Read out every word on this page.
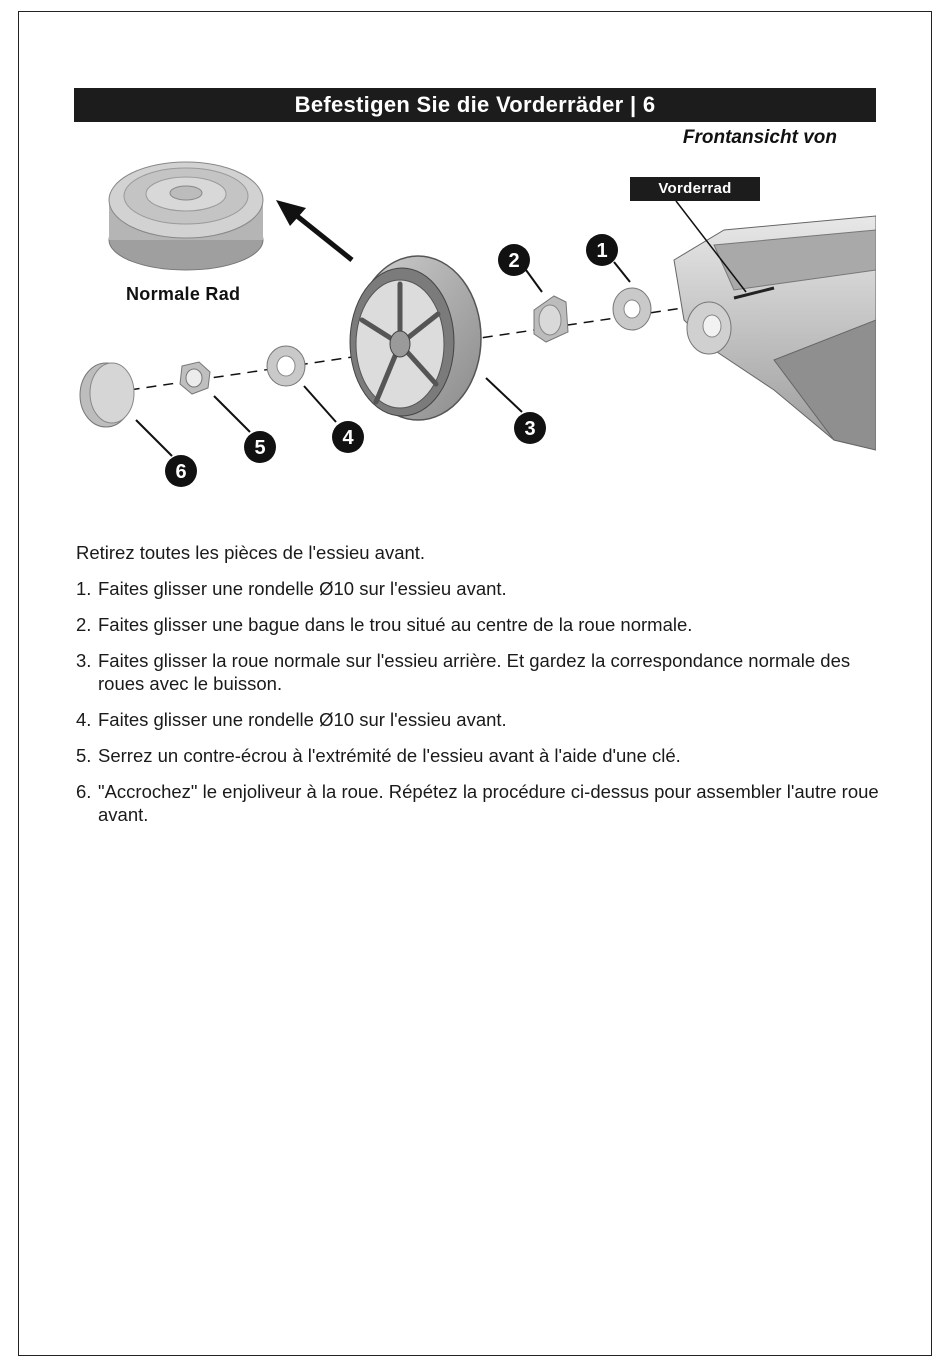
Befestigen Sie die Vorderräder | 6
Frontansicht von
1
2
3
4
5
6
Vorderrad
Normale Rad

Retirez toutes les pièces de l'essieu avant.

1. Faites glisser une rondelle Ø10 sur l'essieu avant.
2. Faites glisser une bague dans le trou situé au centre de la roue normale.
3. Faites glisser la roue normale sur l'essieu arrière. Et gardez la correspondance normale des roues avec le buisson.
4. Faites glisser une rondelle Ø10 sur l'essieu avant.
5. Serrez un contre-écrou à l'extrémité de l'essieu avant à l'aide d'une clé.
6. "Accrochez" le enjoliveur à la roue. Répétez la procédure ci-dessus pour assembler l'autre roue avant.
